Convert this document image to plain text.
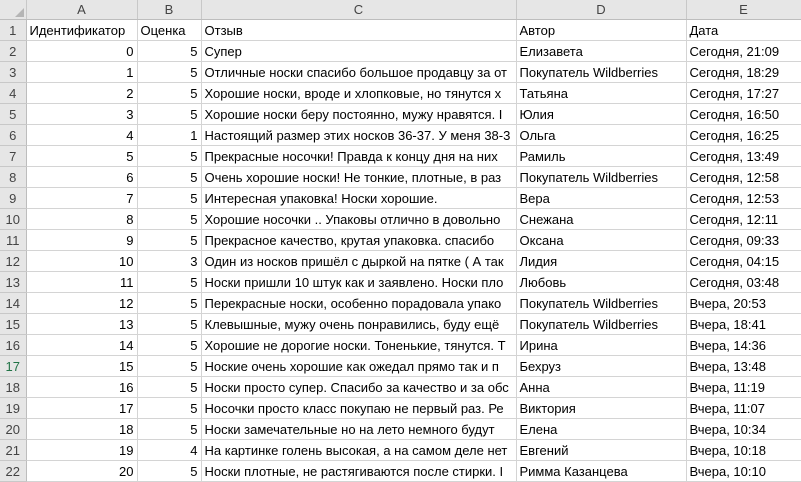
	A	B	C	D	E
1	Идентификатор	Оценка	Отзыв	Автор	Дата
2	0	5	Супер	Елизавета	Сегодня, 21:09
3	1	5	Отличные носки спасибо большое продавцу за от	Покупатель Wildberries	Сегодня, 18:29
4	2	5	Хорошие носки, вроде и хлопковые, но тянутся х	Татьяна	Сегодня, 17:27
5	3	5	Хорошие носки беру постоянно, мужу нравятся. I	Юлия	Сегодня, 16:50
6	4	1	Настоящий размер этих носков 36-37. У меня 38-3	Ольга	Сегодня, 16:25
7	5	5	Прекрасные носочки! Правда к концу дня на них	Рамиль	Сегодня, 13:49
8	6	5	Очень хорошие носки! Не тонкие, плотные, в раз	Покупатель Wildberries	Сегодня, 12:58
9	7	5	Интересная упаковка! Носки хорошие.	Вера	Сегодня, 12:53
10	8	5	Хорошие носочки .. Упаковы отлично в довольно	Снежана	Сегодня, 12:11
11	9	5	Прекрасное качество, крутая упаковка. спасибо	Оксана	Сегодня, 09:33
12	10	3	Один из носков пришёл с дыркой на пятке ( А так	Лидия	Сегодня, 04:15
13	11	5	Носки пришли 10 штук как и заявлено. Носки пло	Любовь	Сегодня, 03:48
14	12	5	Перекрасные носки, особенно порадовала упако	Покупатель Wildberries	Вчера, 20:53
15	13	5	Клевышные, мужу очень понравились, буду ещё	Покупатель Wildberries	Вчера, 18:41
16	14	5	Хорошие не дорогие носки. Тоненькие, тянутся. Т	Ирина	Вчера, 14:36
17	15	5	Ноские очень хорошие как ожедал прямо так и п	Бехруз	Вчера, 13:48
18	16	5	Носки просто супер. Спасибо за качество и за обс	Анна	Вчера, 11:19
19	17	5	Носочки просто класс покупаю не первый раз. Ре	Виктория	Вчера, 11:07
20	18	5	Носки замечательные но на лето немного будут	Елена	Вчера, 10:34
21	19	4	На картинке голень высокая, а на самом деле нет	Евгений	Вчера, 10:18
22	20	5	Носки плотные, не растягиваются после стирки. I	Римма Казанцева	Вчера, 10:10
